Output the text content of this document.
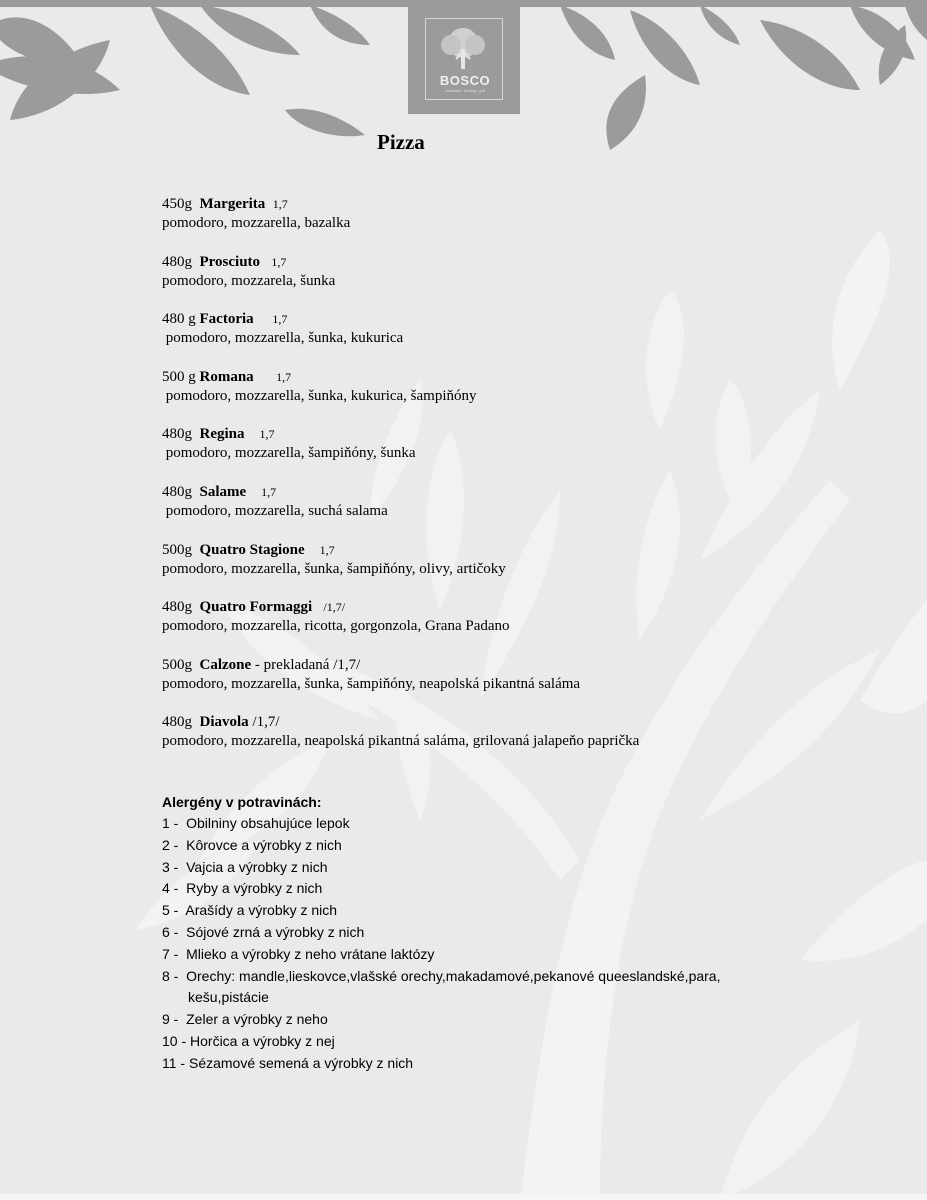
BOSCO
restaurant · bowling · golf
Pizza
450g Margerita 1,7
pomodoro, mozzarella, bazalka
480g Prosciuto 1,7
pomodoro, mozzarela, šunka
480 g Factoria 1,7
pomodoro, mozzarella, šunka, kukurica
500 g Romana 1,7
pomodoro, mozzarella, šunka, kukurica, šampiňóny
480g Regina 1,7
pomodoro, mozzarella, šampiňóny, šunka
480g Salame 1,7
pomodoro, mozzarella, suchá salama
500g Quatro Stagione 1,7
pomodoro, mozzarella, šunka, šampiňóny, olivy, artičoky
480g Quatro Formaggi /1,7/
pomodoro, mozzarella, ricotta, gorgonzola, Grana Padano
500g Calzone - prekladaná /1,7/
pomodoro, mozzarella, šunka, šampiňóny, neapolská pikantná saláma
480g Diavola /1,7/
pomodoro, mozzarella, neapolská pikantná saláma, grilovaná jalapeňo paprička
Alergény v potravinách:
1 - Obilniny obsahujúce lepok
2 - Kôrovce a výrobky z nich
3 - Vajcia a výrobky z nich
4 - Ryby a výrobky z nich
5 - Arašídy a výrobky z nich
6 - Sójové zrná a výrobky z nich
7 - Mlieko a výrobky z neho vrátane laktózy
8 - Orechy: mandle,lieskovce,vlašské orechy,makadamové,pekanové queeslandské,para,
kešu,pistácie
9 - Zeler a výrobky z neho
10 - Horčica a výrobky z nej
11 - Sézamové semená a výrobky z nich
